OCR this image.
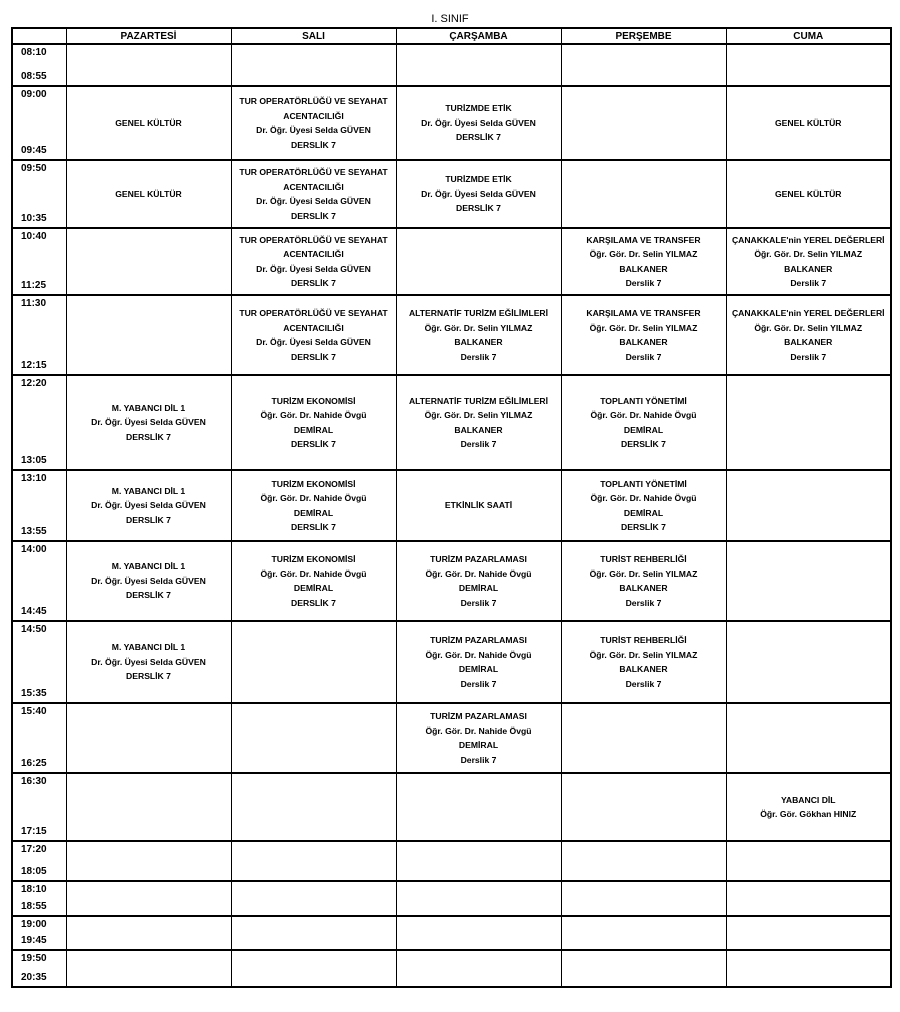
I. SINIF
	PAZARTESİ	SALI	ÇARŞAMBA	PERŞEMBE	CUMA

08:10
08:55					

09:00
09:45	GENEL KÜLTÜR	TUR OPERATÖRLÜĞÜ VE SEYAHAT
ACENTACILIĞI
Dr. Öğr. Üyesi Selda GÜVEN
DERSLİK 7	TURİZMDE ETİK
Dr. Öğr. Üyesi Selda GÜVEN
DERSLİK 7		GENEL KÜLTÜR

09:50
10:35	GENEL KÜLTÜR	TUR OPERATÖRLÜĞÜ VE SEYAHAT
ACENTACILIĞI
Dr. Öğr. Üyesi Selda GÜVEN
DERSLİK 7	TURİZMDE ETİK
Dr. Öğr. Üyesi Selda GÜVEN
DERSLİK 7		GENEL KÜLTÜR

10:40
11:25		TUR OPERATÖRLÜĞÜ VE SEYAHAT
ACENTACILIĞI
Dr. Öğr. Üyesi Selda GÜVEN
DERSLİK 7		KARŞILAMA VE TRANSFER
Öğr. Gör. Dr. Selin YILMAZ
BALKANER
Derslik 7	ÇANAKKALE'nin YEREL DEĞERLERİ
Öğr. Gör. Dr. Selin YILMAZ
BALKANER
Derslik 7

11:30
12:15		TUR OPERATÖRLÜĞÜ VE SEYAHAT
ACENTACILIĞI
Dr. Öğr. Üyesi Selda GÜVEN
DERSLİK 7	ALTERNATİF TURİZM EĞİLİMLERİ
Öğr. Gör. Dr. Selin YILMAZ
BALKANER
Derslik 7	KARŞILAMA VE TRANSFER
Öğr. Gör. Dr. Selin YILMAZ
BALKANER
Derslik 7	ÇANAKKALE'nin YEREL DEĞERLERİ
Öğr. Gör. Dr. Selin YILMAZ
BALKANER
Derslik 7

12:20
13:05	M. YABANCI DİL 1
Dr. Öğr. Üyesi Selda GÜVEN
DERSLİK 7	TURİZM EKONOMİSİ
Öğr. Gör. Dr. Nahide Övgü
DEMİRAL
DERSLİK 7	ALTERNATİF TURİZM EĞİLİMLERİ
Öğr. Gör. Dr. Selin YILMAZ
BALKANER
Derslik 7	TOPLANTI YÖNETİMİ
Öğr. Gör. Dr. Nahide Övgü
DEMİRAL
DERSLİK 7	

13:10
13:55	M. YABANCI DİL 1
Dr. Öğr. Üyesi Selda GÜVEN
DERSLİK 7	TURİZM EKONOMİSİ
Öğr. Gör. Dr. Nahide Övgü
DEMİRAL
DERSLİK 7	ETKİNLİK SAATİ	TOPLANTI YÖNETİMİ
Öğr. Gör. Dr. Nahide Övgü
DEMİRAL
DERSLİK 7	

14:00
14:45	M. YABANCI DİL 1
Dr. Öğr. Üyesi Selda GÜVEN
DERSLİK 7	TURİZM EKONOMİSİ
Öğr. Gör. Dr. Nahide Övgü
DEMİRAL
DERSLİK 7	TURİZM PAZARLAMASI
Öğr. Gör. Dr. Nahide Övgü
DEMİRAL
Derslik 7	TURİST REHBERLİĞİ
Öğr. Gör. Dr. Selin YILMAZ
BALKANER
Derslik 7	

14:50
15:35	M. YABANCI DİL 1
Dr. Öğr. Üyesi Selda GÜVEN
DERSLİK 7		TURİZM PAZARLAMASI
Öğr. Gör. Dr. Nahide Övgü
DEMİRAL
Derslik 7	TURİST REHBERLİĞİ
Öğr. Gör. Dr. Selin YILMAZ
BALKANER
Derslik 7	

15:40
16:25			TURİZM PAZARLAMASI
Öğr. Gör. Dr. Nahide Övgü
DEMİRAL
Derslik 7		

16:30
17:15					YABANCI DİL
Öğr. Gör. Gökhan HINIZ

17:20
18:05					

18:10
18:55					

19:00
19:45					

19:50
20:35					
